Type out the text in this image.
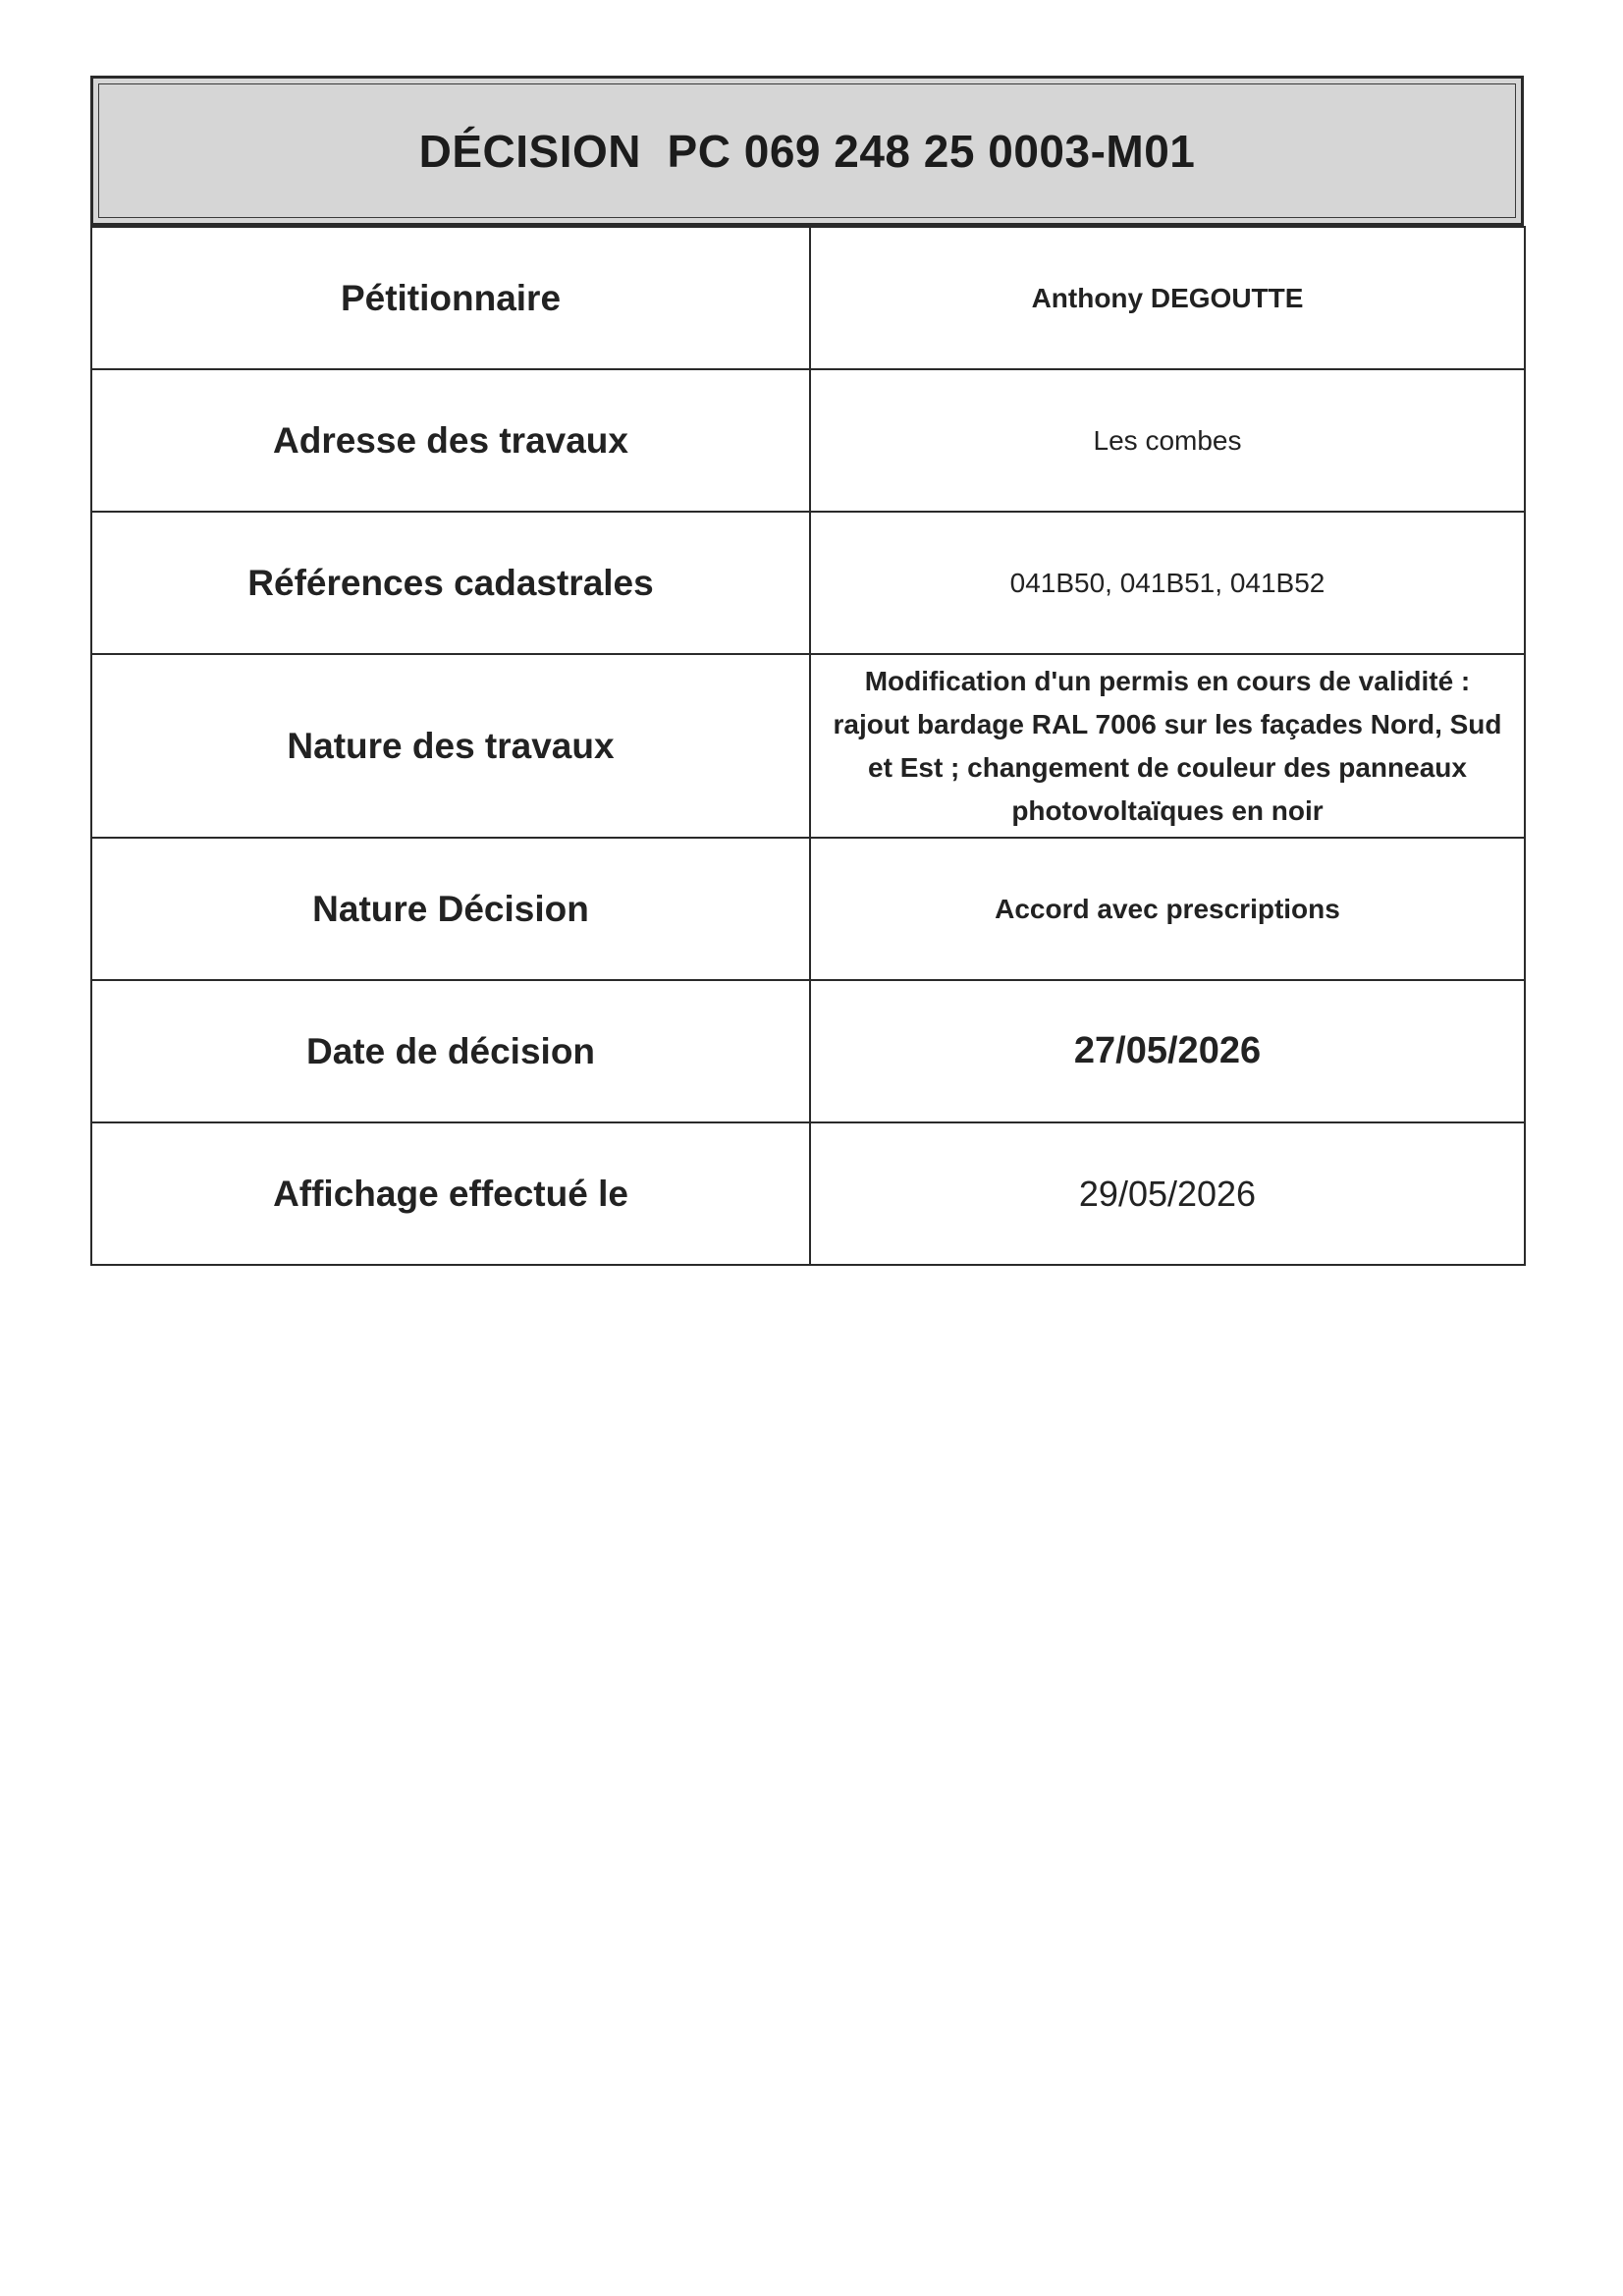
DÉCISION  PC 069 248 25 0003-M01
Pétitionnaire	Anthony DEGOUTTE
Adresse des travaux	Les combes
Références cadastrales	041B50, 041B51, 041B52
Nature des travaux	Modification d'un permis en cours de validité :
rajout bardage RAL 7006 sur les façades Nord, Sud
et Est ; changement de couleur des panneaux
photovoltaïques en noir

Nature Décision	Accord avec prescriptions
Date de décision	27/05/2026
Affichage effectué le	29/05/2026
